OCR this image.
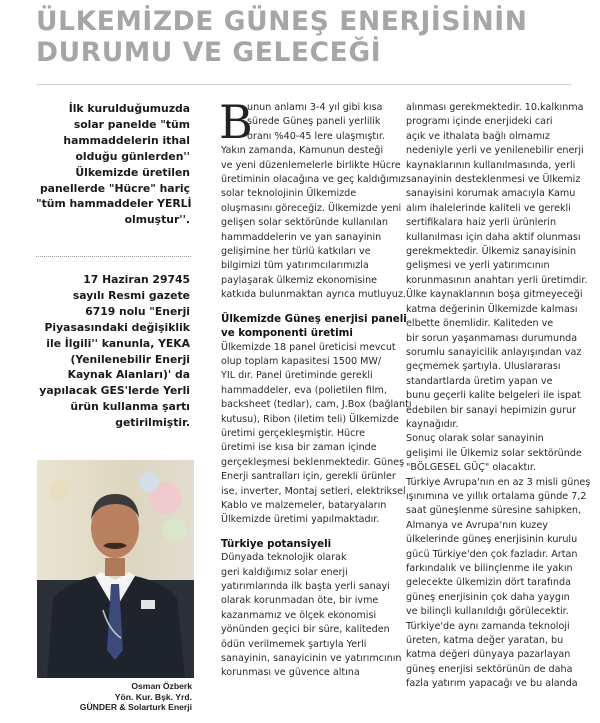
ÜLKEMİZDE GÜNEŞ ENERJİSİNİN
DURUMU VE GELECEĞİ
İlk kurulduğumuzda
solar panelde "tüm
hammaddelerin ithal
olduğu günlerden''
Ülkemizde üretilen
panellerde "Hücre" hariç
"tüm hammaddeler YERLİ
olmuştur''.
17 Haziran 29745
sayılı Resmi gazete
6719 nolu "Enerji
Piyasasındaki değişiklik
ile İlgili'' kanunla, YEKA
(Yenilenebilir Enerji
Kaynak Alanları)' da
yapılacak GES'lerde Yerli
ürün kullanma şartı
getirilmiştir.

Osman Özberk
Yön. Kur. Bşk. Yrd.
GÜNDER & Solarturk Enerji

B
unun anlamı 3-4 yıl gibi kısa
sürede Güneş paneli yerlilik
oranı %40-45 lere ulaşmıştır.
Yakın zamanda, Kamunun desteği
ve yeni düzenlemelerle birlikte Hücre
üretiminin olacağına ve geç kaldığımız
solar teknolojinin Ülkemizde
oluşmasını göreceğiz. Ülkemizde yeni
gelişen solar sektöründe kullanılan
hammaddelerin ve yan sanayinin
gelişimine her türlü katkıları ve
bilgimizi tüm yatırımcılarımızla
paylaşarak ülkemiz ekonomisine
katkıda bulunmaktan ayrıca mutluyuz.
Ülkemizde Güneş enerjisi paneli
ve komponenti üretimi
Ülkemizde 18 panel üreticisi mevcut
olup toplam kapasitesi 1500 MW/
YIL dır. Panel üretiminde gerekli
hammaddeler, eva (polietilen film,
backsheet (tedlar), cam, J.Box (bağlantı
kutusu), Ribon (iletim teli) Ülkemizde
üretimi gerçekleşmiştir. Hücre
üretimi ise kısa bir zaman içinde
gerçekleşmesi beklenmektedir. Güneş
Enerji santralları için, gerekli ürünler
ise, inverter, Montaj setleri, elektriksel
Kablo ve malzemeler, bataryaların
Ülkemizde üretimi yapılmaktadır.
Türkiye potansiyeli
Dünyada teknolojik olarak
geri kaldığımız solar enerji
yatırımlarında ilk başta yerli sanayi
olarak korunmadan öte, bir ivme
kazanmamız ve ölçek ekonomisi
yönünden geçici bir süre, kaliteden
ödün verilmemek şartıyla Yerli
sanayinin, sanayicinin ve yatırımcının
korunması ve güvence altına
alınması gerekmektedir. 10.kalkınma
programı içinde enerjideki cari
açık ve ithalata bağlı olmamız
nedeniyle yerli ve yenilenebilir enerji
kaynaklarının kullanılmasında, yerli
sanayinin desteklenmesi ve Ülkemiz
sanayisini korumak amacıyla Kamu
alım ihalelerinde kaliteli ve gerekli
sertifikalara haiz yerli ürünlerin
kullanılması için daha aktif olunması
gerekmektedir. Ülkemiz sanayisinin
gelişmesi ve yerli yatırımcının
korunmasının anahtarı yerli üretimdir.
Ülke kaynaklarının boşa gitmeyeceği
katma değerinin Ülkemizde kalması
elbette önemlidir. Kaliteden ve
bir sorun yaşanmaması durumunda
sorumlu sanayicilik anlayışından vaz
geçmemek şartıyla. Uluslararası
standartlarda üretim yapan ve
bunu geçerli kalite belgeleri ile ispat
edebilen bir sanayi hepimizin gurur
kaynağıdır.
Sonuç olarak solar sanayinin
gelişimi ile Ülkemiz solar sektöründe
"BÖLGESEL GÜÇ" olacaktır.
Türkiye Avrupa'nın en az 3 misli güneş
ışınımına ve yıllık ortalama günde 7,2
saat güneşlenme süresine sahipken,
Almanya ve Avrupa'nın kuzey
ülkelerinde güneş enerjisinin kurulu
gücü Türkiye'den çok fazladır. Artan
farkındalık ve bilinçlenme ile yakın
gelecekte ülkemizin dört tarafında
güneş enerjisinin çok daha yaygın
ve bilinçli kullanıldığı görülecektir.
Türkiye'de aynı zamanda teknoloji
üreten, katma değer yaratan, bu
katma değeri dünyaya pazarlayan
güneş enerjisi sektörünün de daha
fazla yatırım yapacağı ve bu alanda
